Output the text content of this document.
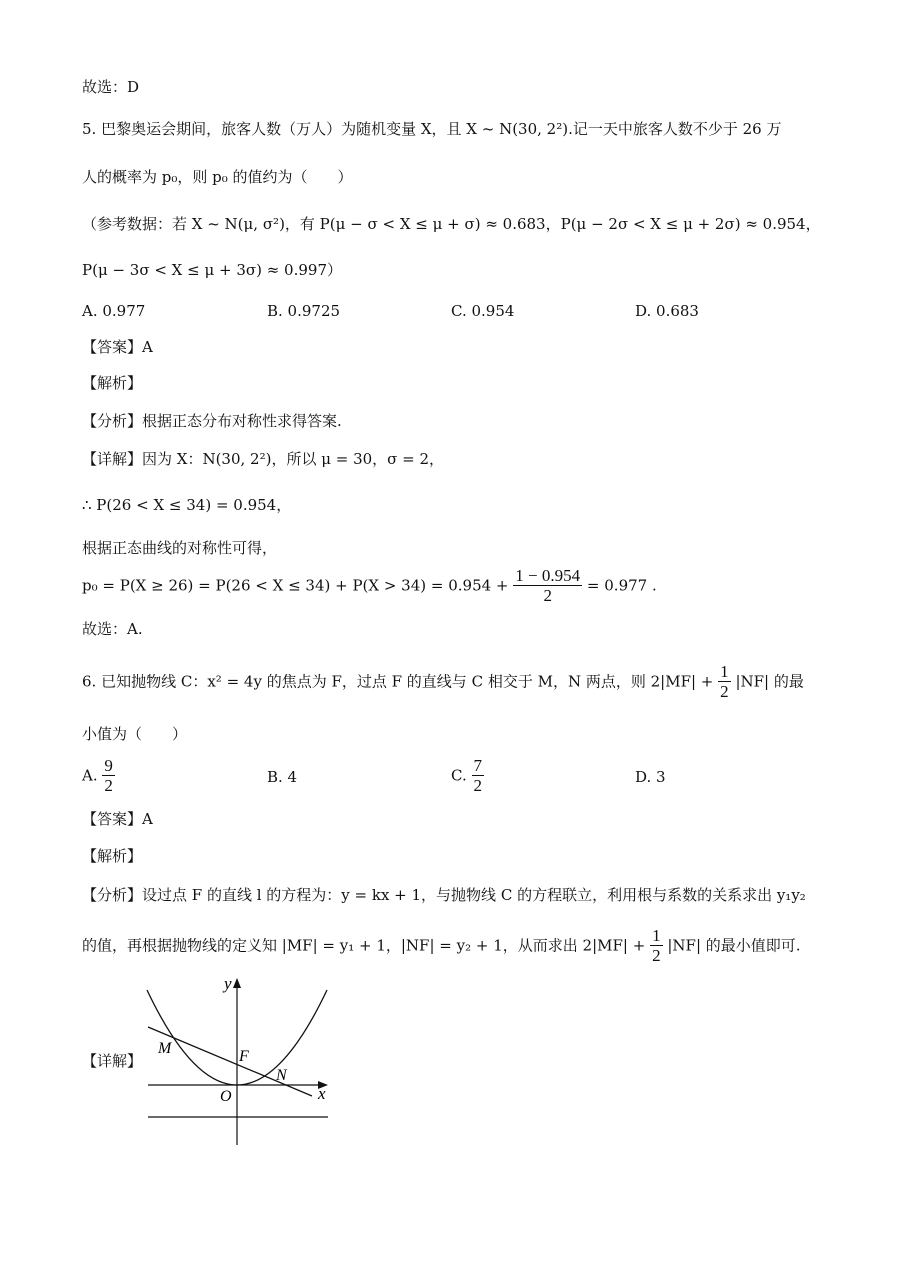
故选：D
5. 巴黎奥运会期间，旅客人数（万人）为随机变量 X，且 X ~ N(30, 2²).记一天中旅客人数不少于 26 万
人的概率为 p₀，则 p₀ 的值约为（　　）
（参考数据：若 X ~ N(μ, σ²)，有 P(μ − σ < X ≤ μ + σ) ≈ 0.683，P(μ − 2σ < X ≤ μ + 2σ) ≈ 0.954，
P(μ − 3σ < X ≤ μ + 3σ) ≈ 0.997）
A. 0.977	B. 0.9725	C. 0.954	D. 0.683
【答案】A
【解析】
【分析】根据正态分布对称性求得答案.
【详解】因为 X：N(30, 2²)，所以 μ = 30，σ = 2，
∴ P(26 < X ≤ 34) = 0.954，
根据正态曲线的对称性可得，
$p_0 = P(X \ge 26) = P(26 < X \le 34) + P(X > 34) = 0.954 + \frac{1 - 0.954}{2} = 0.977$ .
故选：A.
6. 已知抛物线 C：x² = 4y 的焦点为 F，过点 F 的直线与 C 相交于 M，N 两点，则 $2|MF| + \frac{1}{2} |NF|$ 的最
小值为（　　）
A. $\frac{9}{2}$	B. 4	C. $\frac{7}{2}$	D. 3
【答案】A
【解析】
【分析】设过点 F 的直线 l 的方程为：y = kx + 1，与抛物线 C 的方程联立，利用根与系数的关系求出 y₁y₂
的值，再根据抛物线的定义知 |MF| = y₁ + 1，|NF| = y₂ + 1，从而求出 $2|MF| + \frac{1}{2} |NF|$ 的最小值即可.
【详解】
y
x
M	F
N
O
